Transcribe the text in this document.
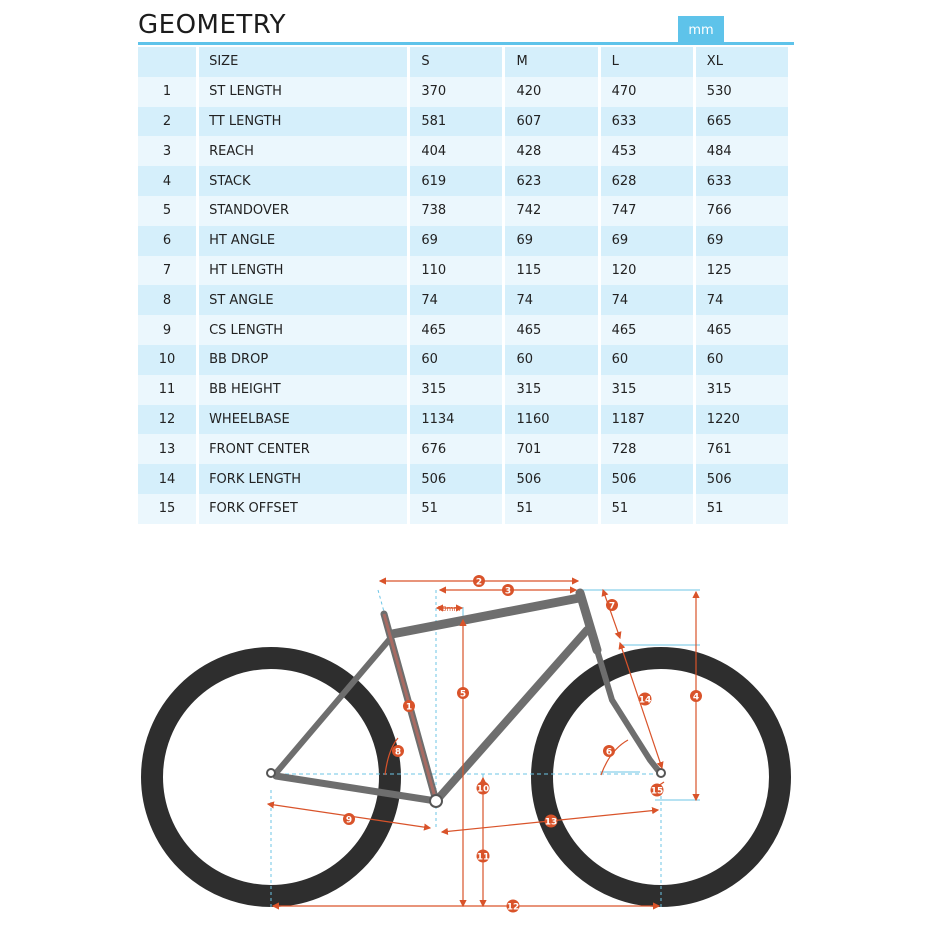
GEOMETRY	mm
	SIZE	S	M	L	XL
1	ST LENGTH	370	420	470	530
2	TT LENGTH	581	607	633	665
3	REACH	404	428	453	484
4	STACK	619	623	628	633
5	STANDOVER	738	742	747	766
6	HT ANGLE	69	69	69	69
7	HT LENGTH	110	115	120	125
8	ST ANGLE	74	74	74	74
9	CS LENGTH	465	465	465	465
10	BB DROP	60	60	60	60
11	BB HEIGHT	315	315	315	315
12	WHEELBASE	1134	1160	1187	1220
13	FRONT CENTER	676	701	728	761
14	FORK LENGTH	506	506	506	506
15	FORK OFFSET	51	51	51	51
1
2
3
4
5
6
7
8
9
10
11
12
13
14
15
70mm
